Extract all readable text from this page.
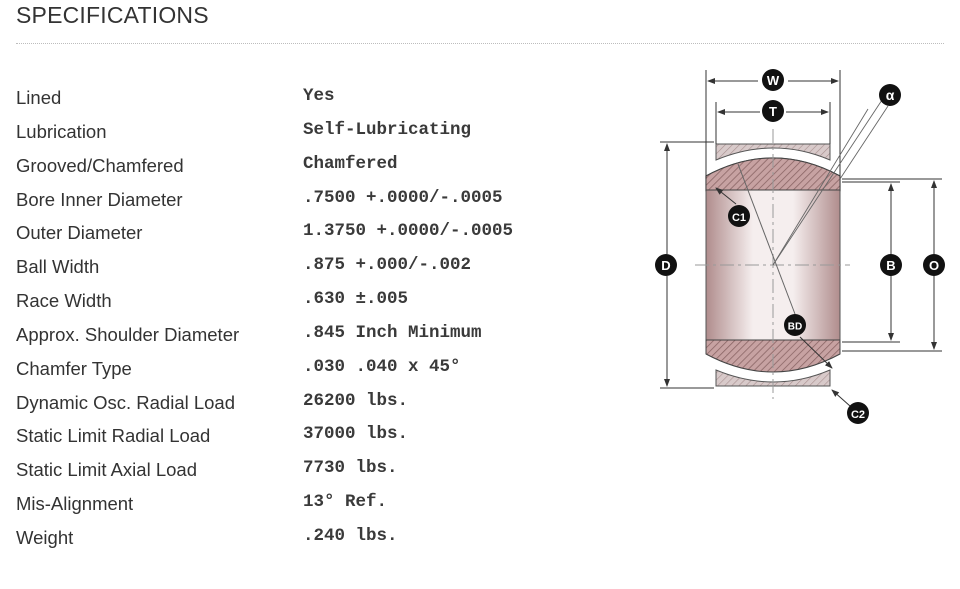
SPECIFICATIONS
Lined	Yes
Lubrication	Self-Lubricating
Grooved/Chamfered	Chamfered
Bore Inner Diameter	.7500 +.0000/-.0005
Outer Diameter	1.3750 +.0000/-.0005
Ball Width	.875 +.000/-.002
Race Width	.630 ±.005
Approx. Shoulder Diameter	.845 Inch Minimum
Chamfer Type	.030 .040 x 45°
Dynamic Osc. Radial Load	26200 lbs.
Static Limit Radial Load	37000 lbs.
Static Limit Axial Load	7730 lbs.
Mis-Alignment	13° Ref.
Weight	.240 lbs.
W
T
α
D	B	O
C1
BD
C2
